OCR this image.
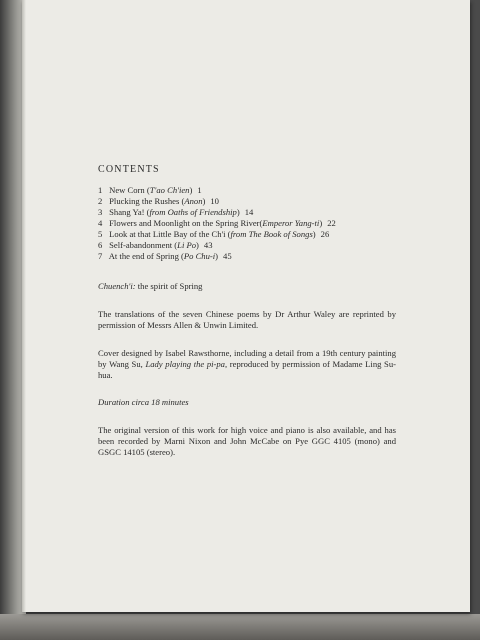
CONTENTS
1 New Corn (T'ao Ch'ien) 1
2 Plucking the Rushes (Anon) 10
3 Shang Ya! (from Oaths of Friendship) 14
4 Flowers and Moonlight on the Spring River(Emperor Yang-ti) 22
5 Look at that Little Bay of the Ch'i (from The Book of Songs) 26
6 Self-abandonment (Li Po) 43
7 At the end of Spring (Po Chu-i) 45

Chuench'i: the spirit of Spring

The translations of the seven Chinese poems by Dr Arthur Waley are reprinted by permission of Messrs Allen & Unwin Limited.

Cover designed by Isabel Rawsthorne, including a detail from a 19th century painting by Wang Su, Lady playing the pi-pa, reproduced by permission of Madame Ling Su-hua.

Duration circa 18 minutes

The original version of this work for high voice and piano is also available, and has been recorded by Marni Nixon and John McCabe on Pye GGC 4105 (mono) and GSGC 14105 (stereo).
